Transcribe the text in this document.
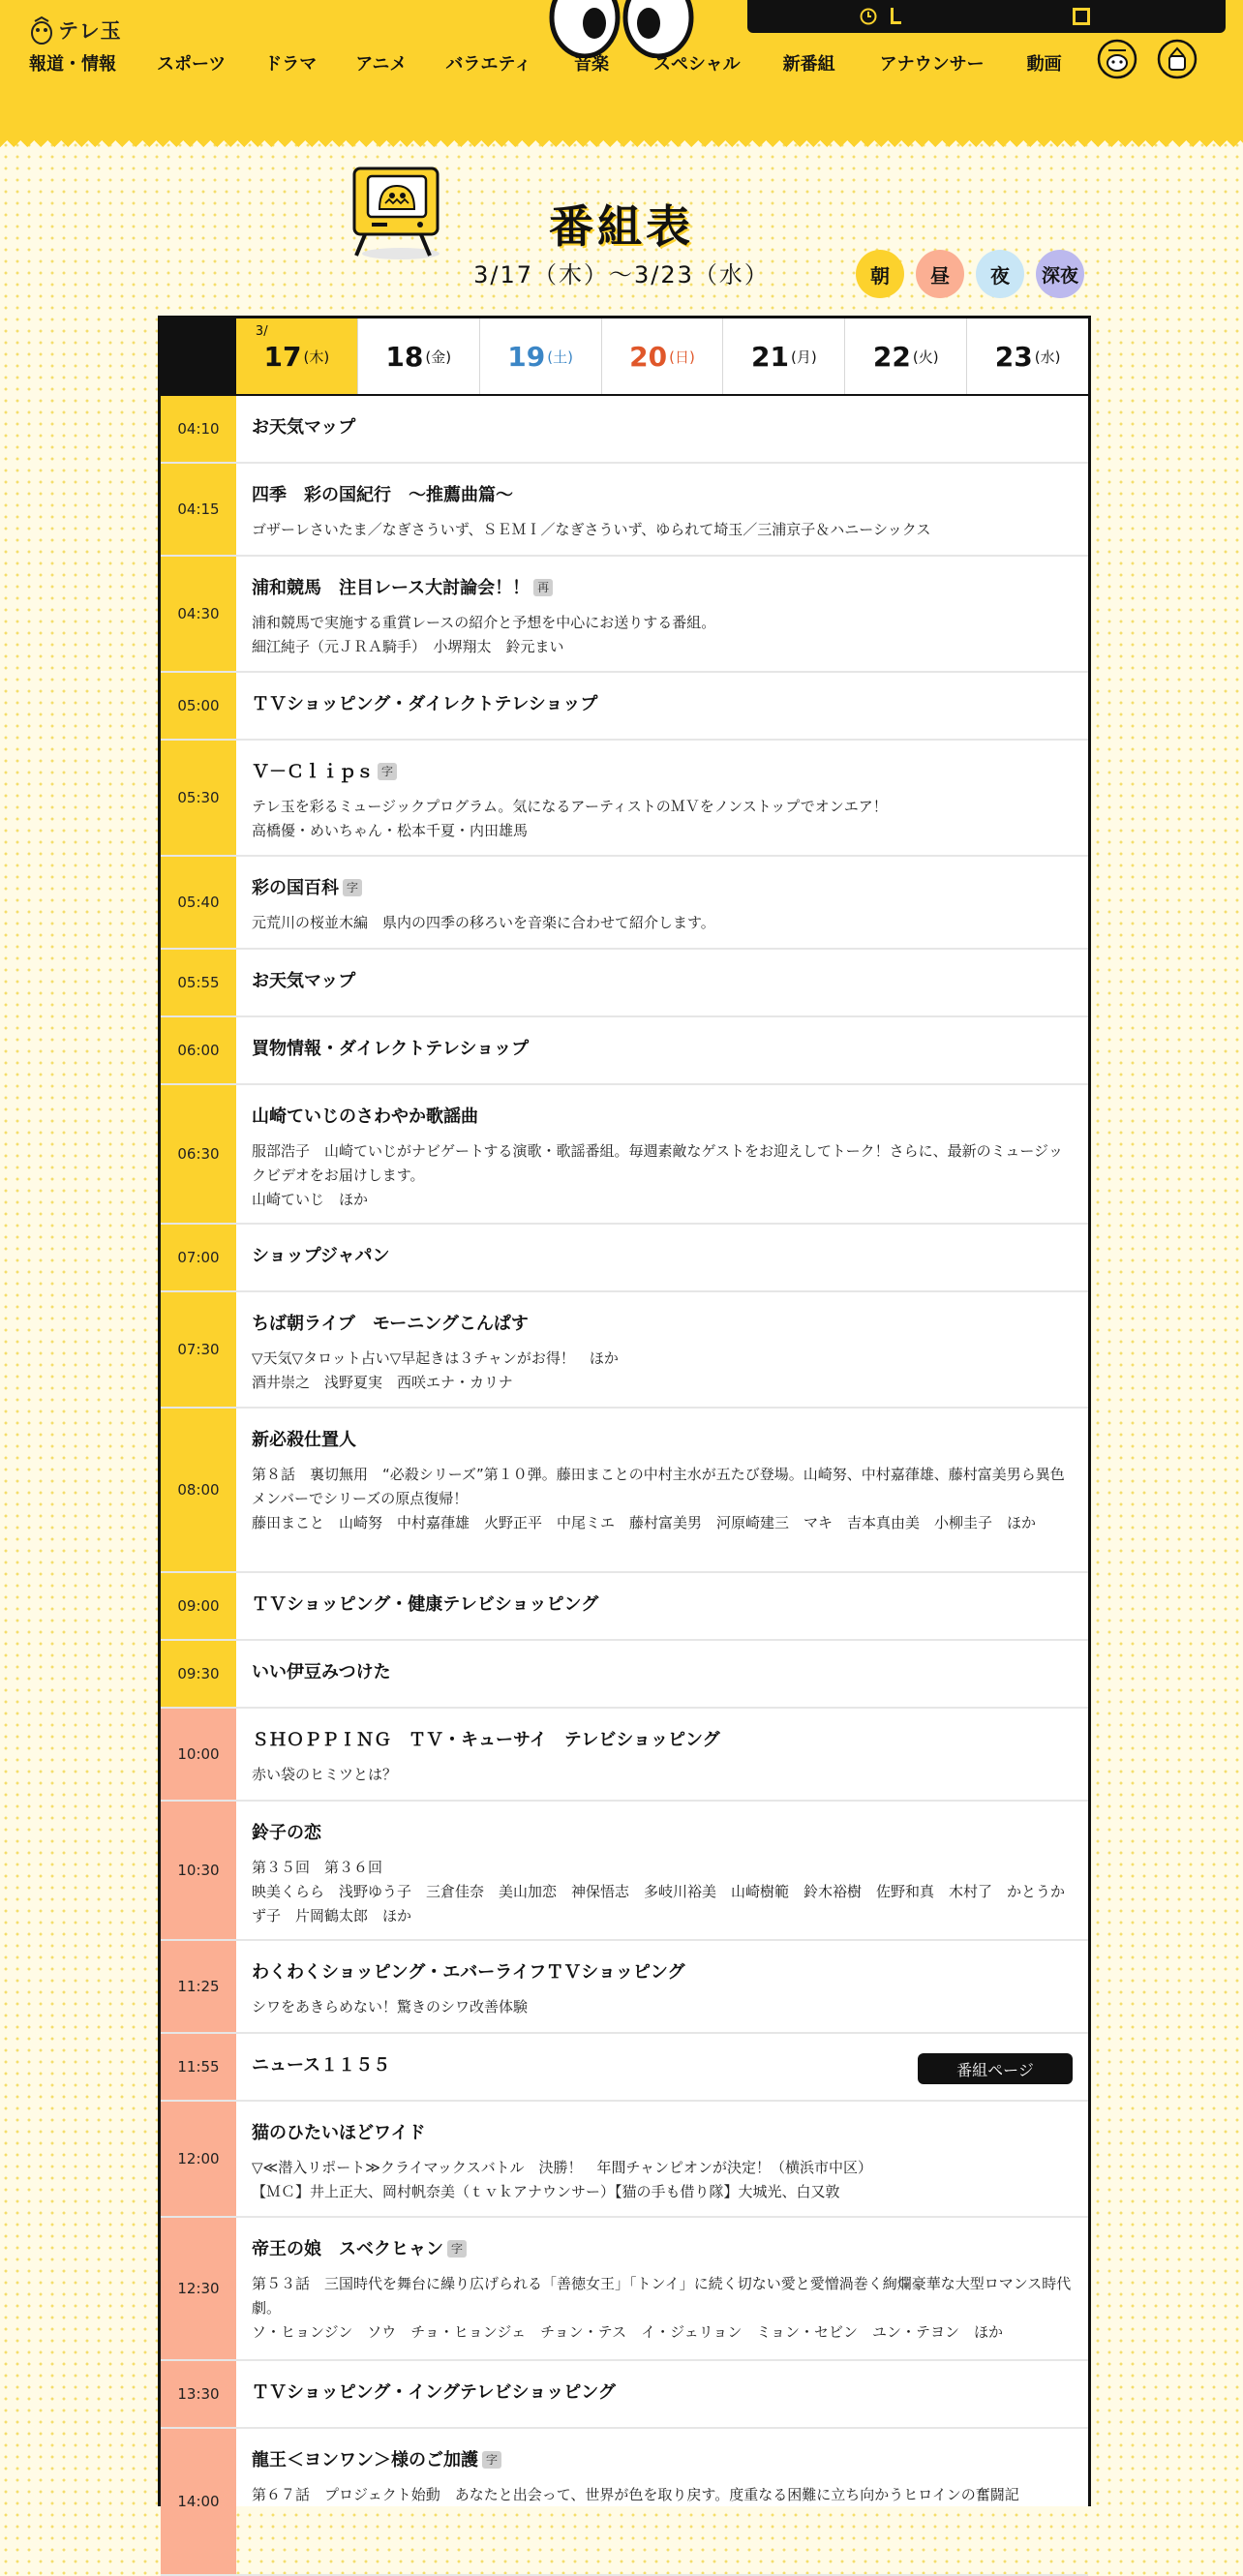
テレ玉
報道・情報 スポーツ ドラマ アニメ バラエティ 音楽	スペシャル 新番組	アナウンサー 動画
番組表
3/17（木）〜3/23（水）	朝	昼	夜	深夜
3/
17 (木) 18 (金) 19 (土) 20 (日) 21 (月) 22 (火) 23 (水)
04:10	お天気マップ
04:15
四季　彩の国紀行　～推薦曲篇～
ゴザーレさいたま／なぎさういず、ＳＥＭＩ／なぎさういず、ゆられて埼玉／三浦京子＆ハニーシックス
04:30
浦和競馬　注目レース大討論会！！ 再
浦和競馬で実施する重賞レースの紹介と予想を中心にお送りする番組。
細江純子（元ＪＲＡ騎手）　小堺翔太　鈴元まい
05:00	ＴＶショッピング・ダイレクトテレショップ
05:30
Ｖ－Ｃｌｉｐｓ 字
テレ玉を彩るミュージックプログラム。気になるアーティストのＭＶをノンストップでオンエア！
高橋優・めいちゃん・松本千夏・内田雄馬
05:40
彩の国百科 字
元荒川の桜並木編　県内の四季の移ろいを音楽に合わせて紹介します。
05:55	お天気マップ
06:00	買物情報・ダイレクトテレショップ
06:30
山崎ていじのさわやか歌謡曲
服部浩子　山崎ていじがナビゲートする演歌・歌謡番組。毎週素敵なゲストをお迎えしてトーク！さらに、最新のミュージックビデオをお届けします。
山崎ていじ　ほか
07:00	ショップジャパン
07:30
ちば朝ライブ　モーニングこんぱす
▽天気▽タロット占い▽早起きは３チャンがお得！　ほか
酒井崇之　浅野夏実　西咲エナ・カリナ
08:00
新必殺仕置人
第８話　裏切無用　“必殺シリーズ”第１０弾。藤田まことの中村主水が五たび登場。山崎努、中村嘉葎雄、藤村富美男ら異色メンバーでシリーズの原点復帰！
藤田まこと　山崎努　中村嘉葎雄　火野正平　中尾ミエ　藤村富美男　河原崎建三　マキ　吉本真由美　小柳圭子　ほか
09:00	ＴＶショッピング・健康テレビショッピング
09:30	いい伊豆みつけた
10:00
ＳＨＯＰＰＩＮＧ　ＴＶ・キューサイ　テレビショッピング
赤い袋のヒミツとは？
10:30
鈴子の恋
第３５回　第３６回
映美くらら　浅野ゆう子　三倉佳奈　美山加恋　神保悟志　多岐川裕美　山崎樹範　鈴木裕樹　佐野和真　木村了　かとうかず子　片岡鶴太郎　ほか
11:25
わくわくショッピング・エバーライフＴＶショッピング
シワをあきらめない！驚きのシワ改善体験
11:55	ニュース１１５５	番組ページ
12:00
猫のひたいほどワイド
▽≪潜入リポート≫クライマックスバトル　決勝！　年間チャンピオンが決定！（横浜市中区）
【ＭＣ】井上正大、岡村帆奈美（ｔｖｋアナウンサー）【猫の手も借り隊】大城光、白又敦
12:30
帝王の娘　スベクヒャン 字
第５３話　三国時代を舞台に繰り広げられる「善徳女王」「トンイ」に続く切ない愛と愛憎渦巻く絢爛豪華な大型ロマンス時代劇。
ソ・ヒョンジン　ソウ　チョ・ヒョンジェ　チョン・テス　イ・ジェリョン　ミョン・セビン　ユン・テヨン　ほか
13:30	ＴＶショッピング・イングテレビショッピング
14:00
龍王＜ヨンワン＞様のご加護 字
第６７話　プロジェクト始動　あなたと出会って、世界が色を取り戻す。度重なる困難に立ち向かうヒロインの奮闘記
